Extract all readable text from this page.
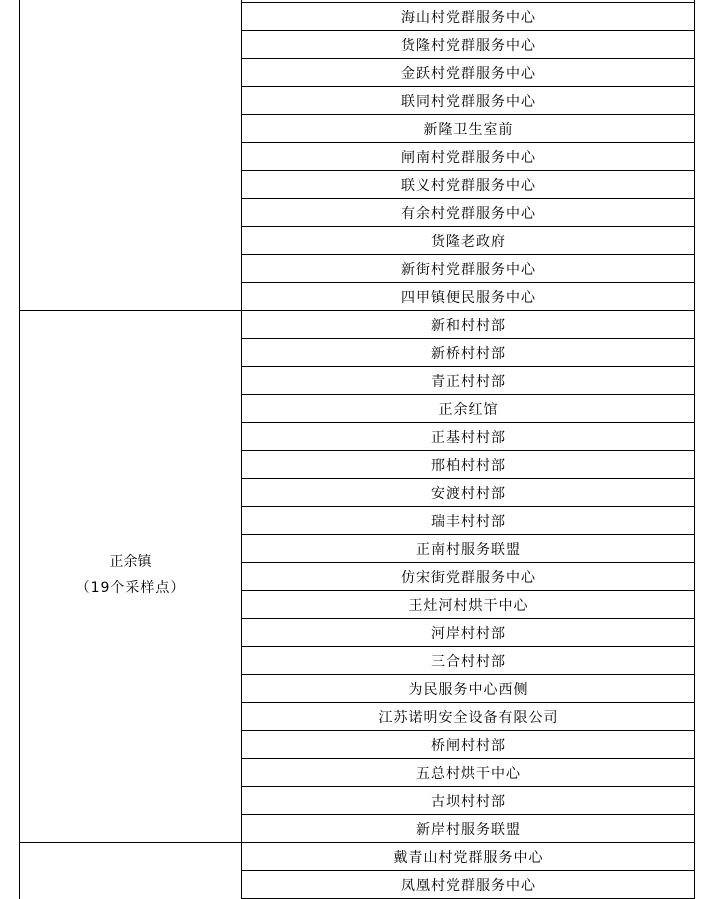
海山村党群服务中心
货隆村党群服务中心
金跃村党群服务中心
联同村党群服务中心
新隆卫生室前
闸南村党群服务中心
联义村党群服务中心
有余村党群服务中心
货隆老政府
新街村党群服务中心
四甲镇便民服务中心
正余镇
（19个采样点）
新和村村部
新桥村村部
青正村村部
正余红馆
正基村村部
邢柏村村部
安渡村村部
瑞丰村村部
正南村服务联盟
仿宋街党群服务中心
王灶河村烘干中心
河岸村村部
三合村村部
为民服务中心西侧
江苏诺明安全设备有限公司
桥闸村村部
五总村烘干中心
古坝村村部
新岸村服务联盟
戴青山村党群服务中心
凤凰村党群服务中心
